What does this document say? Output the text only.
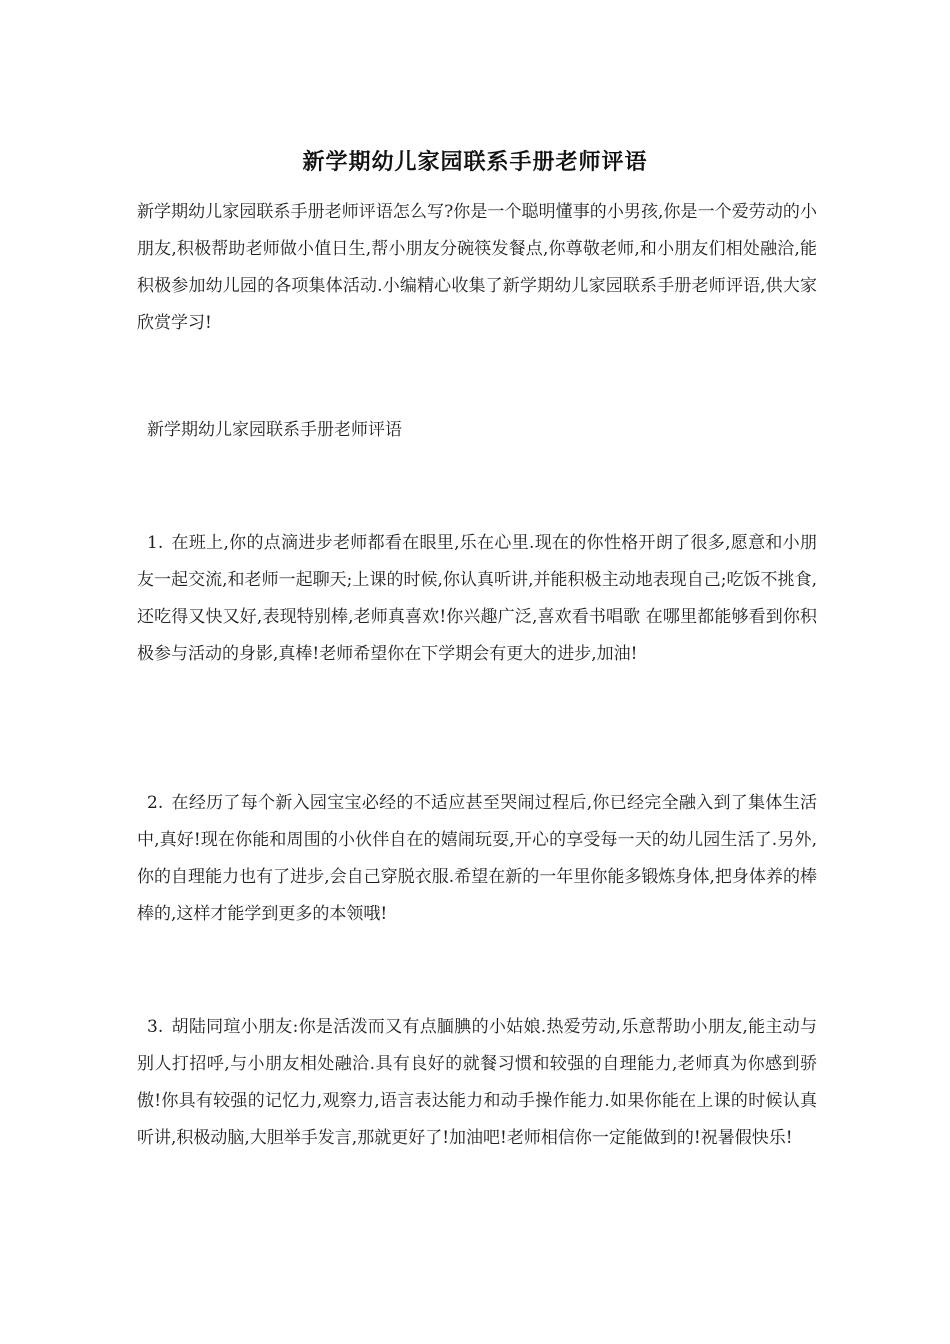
新学期幼儿家园联系手册老师评语
新学期幼儿家园联系手册老师评语怎么写?你是一个聪明懂事的小男孩,你是一个爱劳动的小朋友,积极帮助老师做小值日生,帮小朋友分碗筷发餐点,你尊敬老师,和小朋友们相处融洽,能积极参加幼儿园的各项集体活动.小编精心收集了新学期幼儿家园联系手册老师评语,供大家欣赏学习!
新学期幼儿家园联系手册老师评语
1. 在班上,你的点滴进步老师都看在眼里,乐在心里.现在的你性格开朗了很多,愿意和小朋友一起交流,和老师一起聊天;上课的时候,你认真听讲,并能积极主动地表现自己;吃饭不挑食,还吃得又快又好,表现特别棒,老师真喜欢!你兴趣广泛,喜欢看书唱歌 在哪里都能够看到你积极参与活动的身影,真棒!老师希望你在下学期会有更大的进步,加油!
2. 在经历了每个新入园宝宝必经的不适应甚至哭闹过程后,你已经完全融入到了集体生活中,真好!现在你能和周围的小伙伴自在的嬉闹玩耍,开心的享受每一天的幼儿园生活了.另外,你的自理能力也有了进步,会自己穿脱衣服.希望在新的一年里你能多锻炼身体,把身体养的棒棒的,这样才能学到更多的本领哦!
3. 胡陆同瑄小朋友:你是活泼而又有点腼腆的小姑娘.热爱劳动,乐意帮助小朋友,能主动与别人打招呼,与小朋友相处融洽.具有良好的就餐习惯和较强的自理能力,老师真为你感到骄傲!你具有较强的记忆力,观察力,语言表达能力和动手操作能力.如果你能在上课的时候认真听讲,积极动脑,大胆举手发言,那就更好了!加油吧!老师相信你一定能做到的!祝暑假快乐!
